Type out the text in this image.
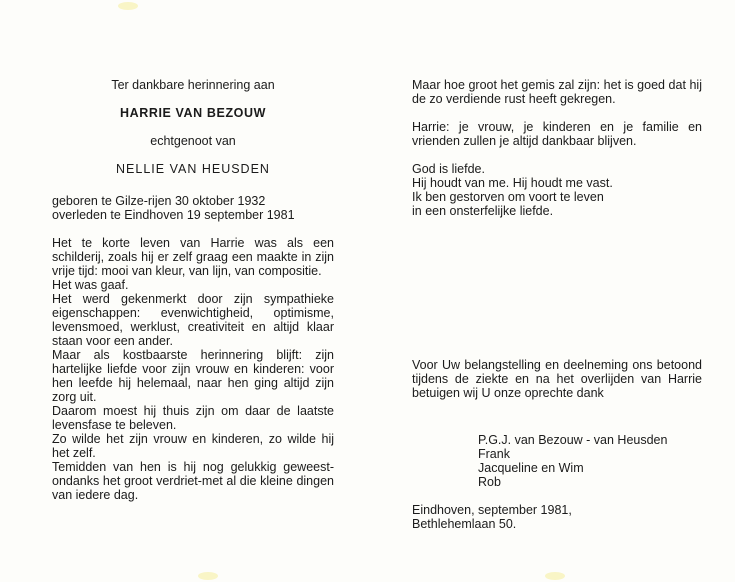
Ter dankbare herinnering aan
HARRIE VAN BEZOUW
echtgenoot van
NELLIE VAN HEUSDEN
geboren te Gilze-rijen 30 oktober 1932
overleden te Eindhoven 19 september 1981

Het te korte leven van Harrie was als een schilderij, zoals hij er zelf graag een maakte in zijn vrije tijd: mooi van kleur, van lijn, van compositie.

Het was gaaf.

Het werd gekenmerkt door zijn sympathieke eigenschappen: evenwichtigheid, optimisme, levensmoed, werklust, creativiteit en altijd klaar staan voor een ander.

Maar als kostbaarste herinnering blijft: zijn hartelijke liefde voor zijn vrouw en kinderen: voor hen leefde hij helemaal, naar hen ging altijd zijn zorg uit.

Daarom moest hij thuis zijn om daar de laatste levensfase te beleven.

Zo wilde het zijn vrouw en kinderen, zo wilde hij het zelf.

Temidden van hen is hij nog gelukkig geweest-ondanks het groot verdriet-met al die kleine dingen van iedere dag.

Maar hoe groot het gemis zal zijn: het is goed dat hij de zo verdiende rust heeft gekregen.
Harrie: je vrouw, je kinderen en je familie en vrienden zullen je altijd dankbaar blijven.
God is liefde.
Hij houdt van me. Hij houdt me vast.
Ik ben gestorven om voort te leven
in een onsterfelijke liefde.
Voor Uw belangstelling en deelneming ons betoond tijdens de ziekte en na het overlijden van Harrie betuigen wij U onze oprechte dank
P.G.J. van Bezouw - van Heusden
Frank
Jacqueline en Wim
Rob
Eindhoven, september 1981,
Bethlehemlaan 50.
